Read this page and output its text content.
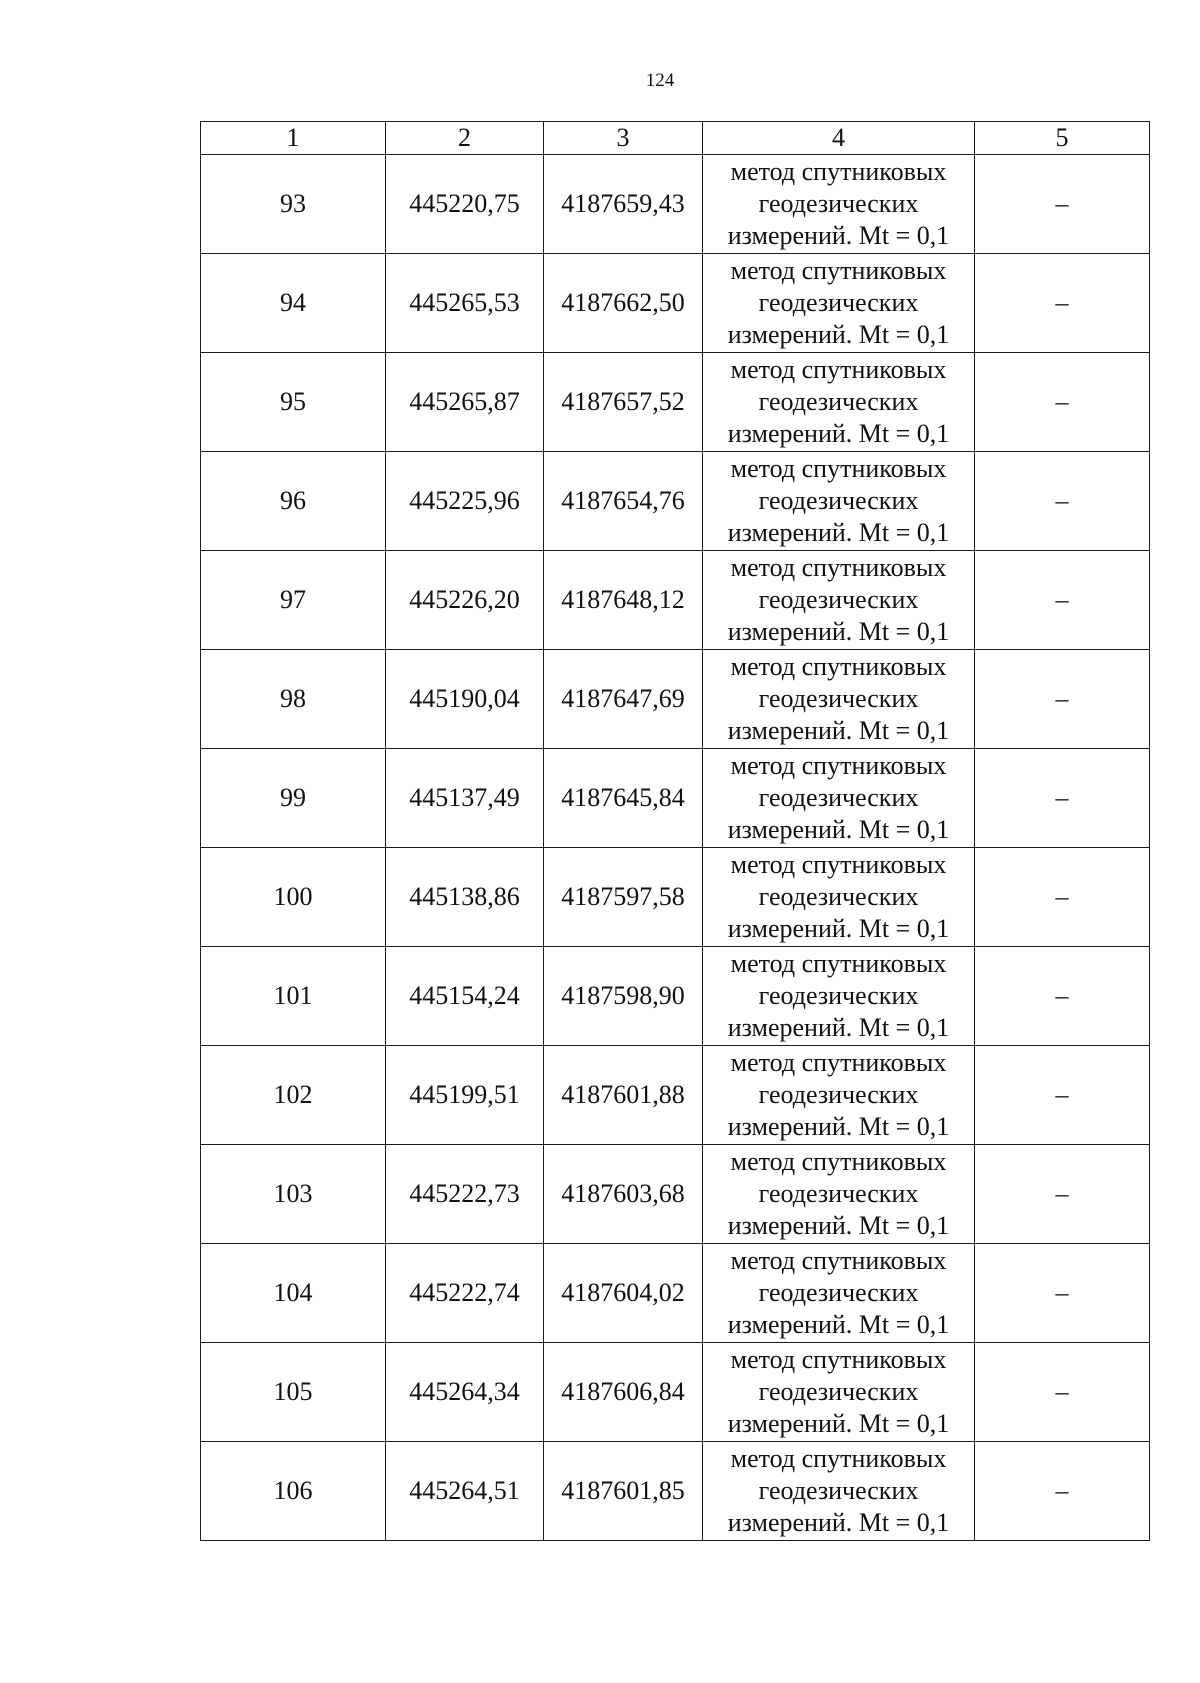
124
1	2	3	4	5
93	445220,75	4187659,43	метод спутниковых
геодезических
измерений. Mt = 0,1	–
94	445265,53	4187662,50	метод спутниковых
геодезических
измерений. Mt = 0,1	–
95	445265,87	4187657,52	метод спутниковых
геодезических
измерений. Mt = 0,1	–
96	445225,96	4187654,76	метод спутниковых
геодезических
измерений. Mt = 0,1	–
97	445226,20	4187648,12	метод спутниковых
геодезических
измерений. Mt = 0,1	–
98	445190,04	4187647,69	метод спутниковых
геодезических
измерений. Mt = 0,1	–
99	445137,49	4187645,84	метод спутниковых
геодезических
измерений. Mt = 0,1	–
100	445138,86	4187597,58	метод спутниковых
геодезических
измерений. Mt = 0,1	–
101	445154,24	4187598,90	метод спутниковых
геодезических
измерений. Mt = 0,1	–
102	445199,51	4187601,88	метод спутниковых
геодезических
измерений. Mt = 0,1	–
103	445222,73	4187603,68	метод спутниковых
геодезических
измерений. Mt = 0,1	–
104	445222,74	4187604,02	метод спутниковых
геодезических
измерений. Mt = 0,1	–
105	445264,34	4187606,84	метод спутниковых
геодезических
измерений. Mt = 0,1	–
106	445264,51	4187601,85	метод спутниковых
геодезических
измерений. Mt = 0,1	–
